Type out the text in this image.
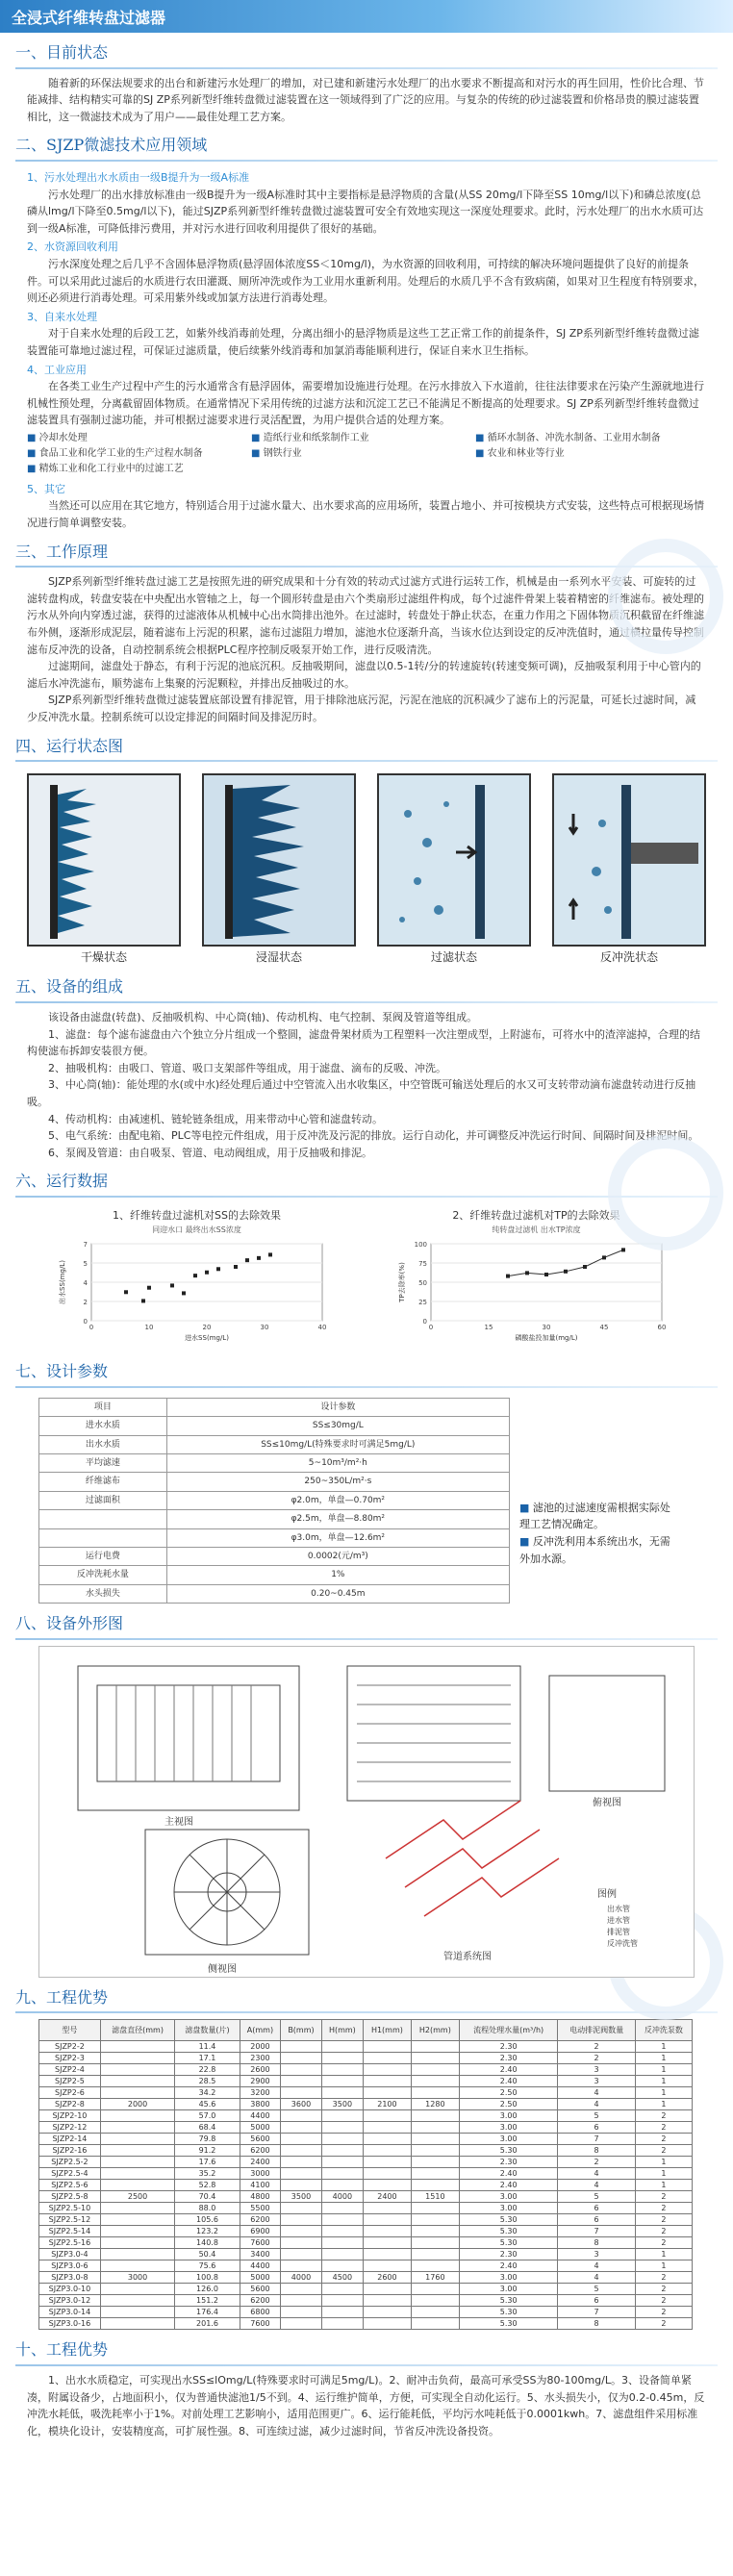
全浸式纤维转盘过滤器
一、目前状态

随着新的环保法规要求的出台和新建污水处理厂的增加，对已建和新建污水处理厂的出水要求不断提高和对污水的再生回用，性价比合理、节能减排、结构精实可靠的SJ ZP系列新型纤维转盘微过滤装置在这一领域得到了广泛的应用。与复杂的传统的砂过滤装置和价格昂贵的膜过滤装置相比，这一微滤技术成为了用户——最佳处理工艺方案。

二、SJZP微滤技术应用领域
1、污水处理出水水质由一级B提升为一级A标准

污水处理厂的出水排放标准由一级B提升为一级A标准时其中主要指标是悬浮物质的含量(从SS 20mg/l下降至SS 10mg/l以下)和磷总浓度(总磷从lmg/l下降至0.5mg/l以下)，能过SJZP系列新型纤维转盘微过滤装置可安全有效地实现这一深度处理要求。此时，污水处理厂的出水水质可达到一级A标准，可降低排污费用，并对污水进行回收利用提供了很好的基础。

2、水资源回收利用

污水深度处理之后几乎不含固体悬浮物质(悬浮固体浓度SS＜10mg/l)，为水资源的回收利用，可持续的解决环境问题提供了良好的前提条件。可以采用此过滤后的水质进行农田灌溉、厕所冲洗或作为工业用水重新利用。处理后的水质几乎不含有致病菌，如果对卫生程度有特别要求，则还必须进行消毒处理。可采用紫外线或加氯方法进行消毒处理。

3、自来水处理

对于自来水处理的后段工艺，如紫外线消毒前处理，分离出细小的悬浮物质是这些工艺正常工作的前提条件，SJ ZP系列新型纤维转盘微过滤装置能可靠地过滤过程，可保证过滤质量，使后续紫外线消毒和加氯消毒能顺利进行，保证自来水卫生指标。

4、工业应用

在各类工业生产过程中产生的污水通常含有悬浮固体，需要增加设施进行处理。在污水排放入下水道前，往往法律要求在污染产生源就地进行机械性预处理，分离截留固体物质。在通常情况下采用传统的过滤方法和沉淀工艺已不能满足不断提高的处理要求。SJ ZP系列新型纤维转盘微过滤装置具有强制过滤功能，并可根据过滤要求进行灵活配置，为用户提供合适的处理方案。

■ 冷却水处理	■ 造纸行业和纸浆制作工业	■ 循环水制备、冲洗水制备、工业用水制备
■ 食品工业和化学工业的生产过程水制备	■ 钢铁行业	■ 农业和林业等行业
■ 精炼工业和化工行业中的过滤工艺
5、其它

当然还可以应用在其它地方，特别适合用于过滤水量大、出水要求高的应用场所，装置占地小、并可按模块方式安装，这些特点可根据现场情况进行简单调整安装。

三、工作原理

SJZP系列新型纤维转盘过滤工艺是按照先进的研究成果和十分有效的转动式过滤方式进行运转工作，机械是由一系列水平安装、可旋转的过滤转盘构成，转盘安装在中央配出水管轴之上，每一个圆形转盘是由六个类扇形过滤组件构成，每个过滤件骨架上装着精密的纤维滤布。被处理的污水从外向内穿透过滤，获得的过滤液体从机械中心出水筒排出池外。在过滤时，转盘处于静止状态，在重力作用之下固体物质沉积截留在纤维滤布外侧，逐渐形成泥层，随着滤布上污泥的积累，滤布过滤阻力增加，滤池水位逐渐升高，当该水位达到设定的反冲洗值时，通过横拉量传导控制滤布反冲洗的设备，自动控制系统会根据PLC程序控制反吸泵开始工作，进行反吸清洗。

过滤期间，滤盘处于静态，有利于污泥的池底沉积。反抽吸期间，滤盘以0.5-1转/分的转速旋转(转速变频可调)，反抽吸泵利用于中心管内的滤后水冲洗滤布，顺势滤布上集聚的污泥颗粒，并排出反抽吸过的水。

SJZP系列新型纤维转盘微过滤装置底部设置有排泥管，用于排除池底污泥，污泥在池底的沉积减少了滤布上的污泥量，可延长过滤时间，减少反冲洗水量。控制系统可以设定排泥的间隔时间及排泥历时。

四、运行状态图
干燥状态	浸湿状态	过滤状态	反冲洗状态
五、设备的组成

该设备由滤盘(转盘)、反抽吸机构、中心筒(轴)、传动机构、电气控制、泵阀及管道等组成。

1、滤盘：每个滤布滤盘由六个独立分片组成一个整圆，滤盘骨架材质为工程塑料一次注塑成型，上附滤布，可将水中的渣滓滤掉，合理的结构使滤布拆卸安装很方便。

2、抽吸机构：由吸口、管道、吸口支架部件等组成，用于滤盘、滴布的反吸、冲洗。

3、中心筒(轴)：能处理的水(或中水)经处理后通过中空管流入出水收集区，中空管既可输送处理后的水又可支转带动滴布滤盘转动进行反抽吸。

4、传动机构：由减速机、链轮链条组成，用来带动中心管和滤盘转动。

5、电气系统：由配电箱、PLC等电控元件组成，用于反冲洗及污泥的排放。运行自动化，并可调整反冲洗运行时间、间隔时间及排泥时间。

6、泵阀及管道：由自吸泵、管道、电动阀组成，用于反抽吸和排泥。

六、运行数据
1、纤维转盘过滤机对SS的去除效果
同迎水口 最终出水SS浓度
0
0
2
10
4
20
5
30
7
40
进水SS(mg/L)
出水SS(mg/L)
2、纤维转盘过滤机对TP的去除效果
纯转盘过滤机 出水TP浓度
0
0
25
15
50
30
75
45
100
60
磷酸盐投加量(mg/L)
TP去除率(%)
七、设计参数
项目	设计参数
进水水质	SS≤30mg/L
出水水质	SS≤10mg/L(特殊要求时可满足5mg/L)
平均滤速	5~10m³/m²·h
纤维滤布	250~350L/m²·s
过滤面积	φ2.0m，单盘—0.70m²
	φ2.5m，单盘—8.80m²
	φ3.0m，单盘—12.6m²
运行电费	0.0002(元/m³)
反冲洗耗水量	1%
水头损失	0.20~0.45m

■ 滤池的过滤速度需根据实际处理工艺情况确定。

■ 反冲洗利用本系统出水，无需外加水源。

八、设备外形图
主视图
侧视图
俯视图
管道系统图
图例
出水管
进水管
排泥管
反冲洗管
九、工程优势
型号	滤盘直径(mm)	滤盘数量(片)	A(mm)	B(mm)	H(mm)	H1(mm)	H2(mm)	流程处理水量(m³/h)	电动排泥阀数量	反冲洗泵数
SJZP2-2		11.4	2000					2.30	2	1
SJZP2-3		17.1	2300					2.30	2	1
SJZP2-4		22.8	2600					2.40	3	1
SJZP2-5		28.5	2900					2.40	3	1
SJZP2-6		34.2	3200					2.50	4	1
SJZP2-8	2000	45.6	3800	3600	3500	2100	1280	2.50	4	1
SJZP2-10		57.0	4400					3.00	5	2
SJZP2-12		68.4	5000					3.00	6	2
SJZP2-14		79.8	5600					3.00	7	2
SJZP2-16		91.2	6200					5.30	8	2
SJZP2.5-2		17.6	2400					2.30	2	1
SJZP2.5-4		35.2	3000					2.40	4	1
SJZP2.5-6		52.8	4100					2.40	4	1
SJZP2.5-8	2500	70.4	4800	3500	4000	2400	1510	3.00	5	2
SJZP2.5-10		88.0	5500					3.00	6	2
SJZP2.5-12		105.6	6200					5.30	6	2
SJZP2.5-14		123.2	6900					5.30	7	2
SJZP2.5-16		140.8	7600					5.30	8	2
SJZP3.0-4		50.4	3400					2.30	3	1
SJZP3.0-6		75.6	4400					2.40	4	1
SJZP3.0-8	3000	100.8	5000	4000	4500	2600	1760	3.00	4	2
SJZP3.0-10		126.0	5600					3.00	5	2
SJZP3.0-12		151.2	6200					5.30	6	2
SJZP3.0-14		176.4	6800					5.30	7	2
SJZP3.0-16		201.6	7600					5.30	8	2
十、工程优势

1、出水水质稳定，可实现出水SS≤lOmg/L(特殊要求时可满足5mg/L)。2、耐冲击负荷，最高可承受SS为80-100mg/L。3、设备简单紧凑，附属设备少，占地面积小，仅为普通快滤池1/5不到。4、运行维护简单，方便，可实现全自动化运行。5、水头损失小，仅为0.2-0.45m，反冲洗水耗低，吸洗耗率小于1%。对前处理工艺影响小，适用范围更广。6、运行能耗低，平均污水吨耗低于0.0001kwh。7、滤盘组件采用标准化，模块化设计，安装精度高，可扩展性强。8、可连续过滤，减少过滤时间，节省反冲洗设备投资。
